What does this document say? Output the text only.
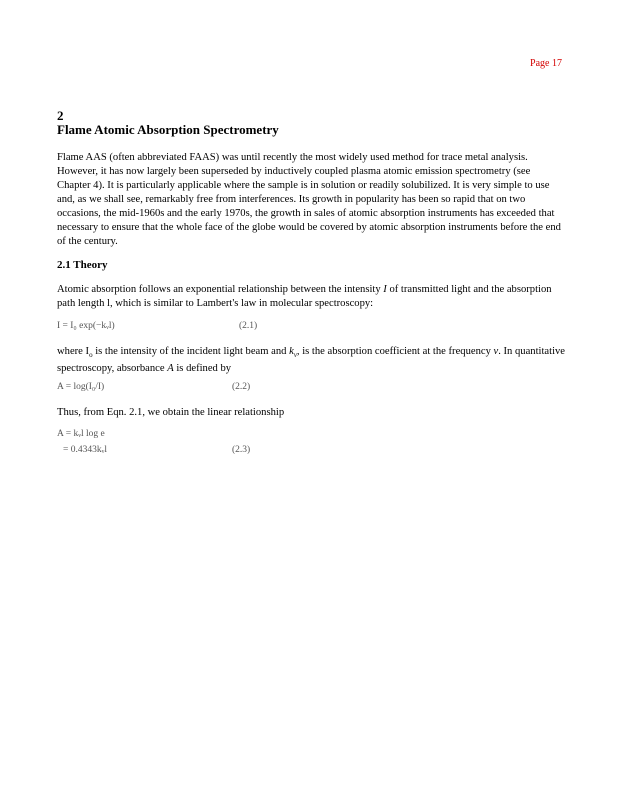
Page 17
2
Flame Atomic Absorption Spectrometry

Flame AAS (often abbreviated FAAS) was until recently the most widely used method for trace metal analysis. However, it has now largely been superseded by inductively coupled plasma atomic emission spectrometry (see Chapter 4). It is particularly applicable where the sample is in solution or readily solubilized. It is very simple to use and, as we shall see, remarkably free from interferences. Its growth in popularity has been so rapid that on two occasions, the mid-1960s and the early 1970s, the growth in sales of atomic absorption instruments has exceeded that necessary to ensure that the whole face of the globe would be covered by atomic absorption instruments before the end of the century.

2.1 Theory

Atomic absorption follows an exponential relationship between the intensity I of transmitted light and the absorption path length l, which is similar to Lambert's law in molecular spectroscopy:

I = I₀ exp(−kᵥl)	(2.1)

where $I_o$ is the intensity of the incident light beam and $k_v$, is the absorption coefficient at the frequency v. In quantitative spectroscopy, absorbance A is defined by

A = log(I₀/I)	(2.2)

Thus, from Eqn. 2.1, we obtain the linear relationship

A = kᵥl log e
= 0.4343kᵥl	(2.3)
